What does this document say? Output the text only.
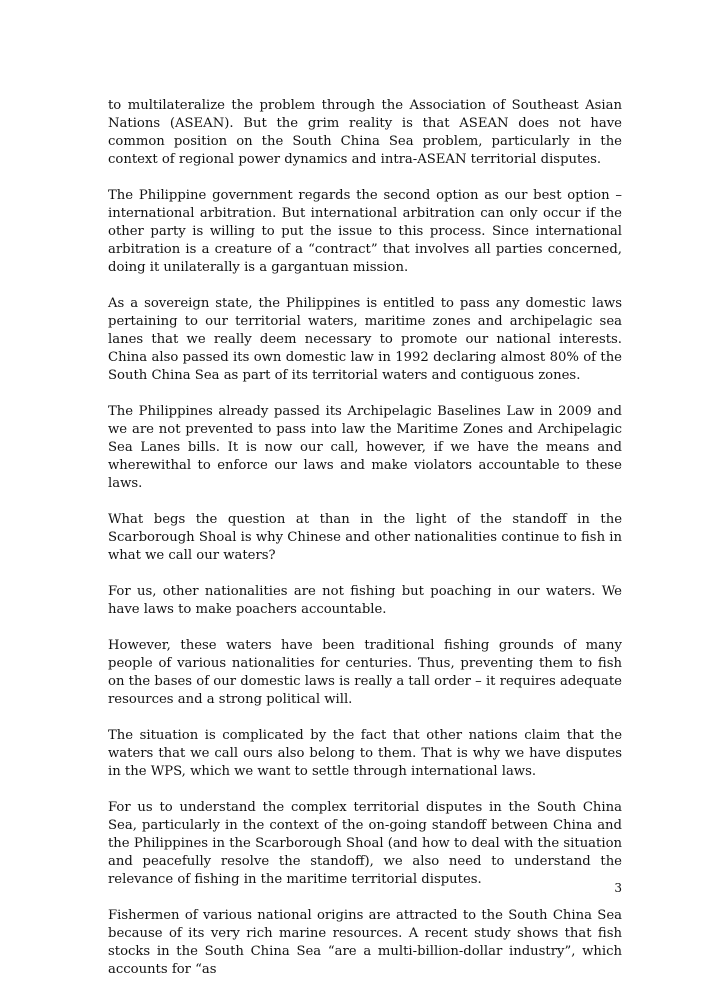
to multilateralize the problem through the Association of Southeast Asian Nations (ASEAN). But the grim reality is that ASEAN does not have common position on the South China Sea problem, particularly in the context of regional power dynamics and intra-ASEAN territorial disputes.

The Philippine government regards the second option as our best option – international arbitration. But international arbitration can only occur if the other party is willing to put the issue to this process. Since international arbitration is a creature of a “contract” that involves all parties concerned, doing it unilaterally is a gargantuan mission.

As a sovereign state, the Philippines is entitled to pass any domestic laws pertaining to our territorial waters, maritime zones and archipelagic sea lanes that we really deem necessary to promote our national interests. China also passed its own domestic law in 1992 declaring almost 80% of the South China Sea as part of its territorial waters and contiguous zones.

The Philippines already passed its Archipelagic Baselines Law in 2009 and we are not prevented to pass into law the Maritime Zones and Archipelagic Sea Lanes bills. It is now our call, however, if we have the means and wherewithal to enforce our laws and make violators accountable to these laws.

What begs the question at than in the light of the standoff in the Scarborough Shoal is why Chinese and other nationalities continue to fish in what we call our waters?

For us, other nationalities are not fishing but poaching in our waters. We have laws to make poachers accountable.

However, these waters have been traditional fishing grounds of many people of various nationalities for centuries. Thus, preventing them to fish on the bases of our domestic laws is really a tall order – it requires adequate resources and a strong political will.

The situation is complicated by the fact that other nations claim that the waters that we call ours also belong to them. That is why we have disputes in the WPS, which we want to settle through international laws.

For us to understand the complex territorial disputes in the South China Sea, particularly in the context of the on-going standoff between China and the Philippines in the Scarborough Shoal (and how to deal with the situation and peacefully resolve the standoff), we also need to understand the relevance of fishing in the maritime territorial disputes.

Fishermen of various national origins are attracted to the South China Sea because of its very rich marine resources. A recent study shows that fish stocks in the South China Sea “are a multi-billion-dollar industry”, which accounts for “as

3
